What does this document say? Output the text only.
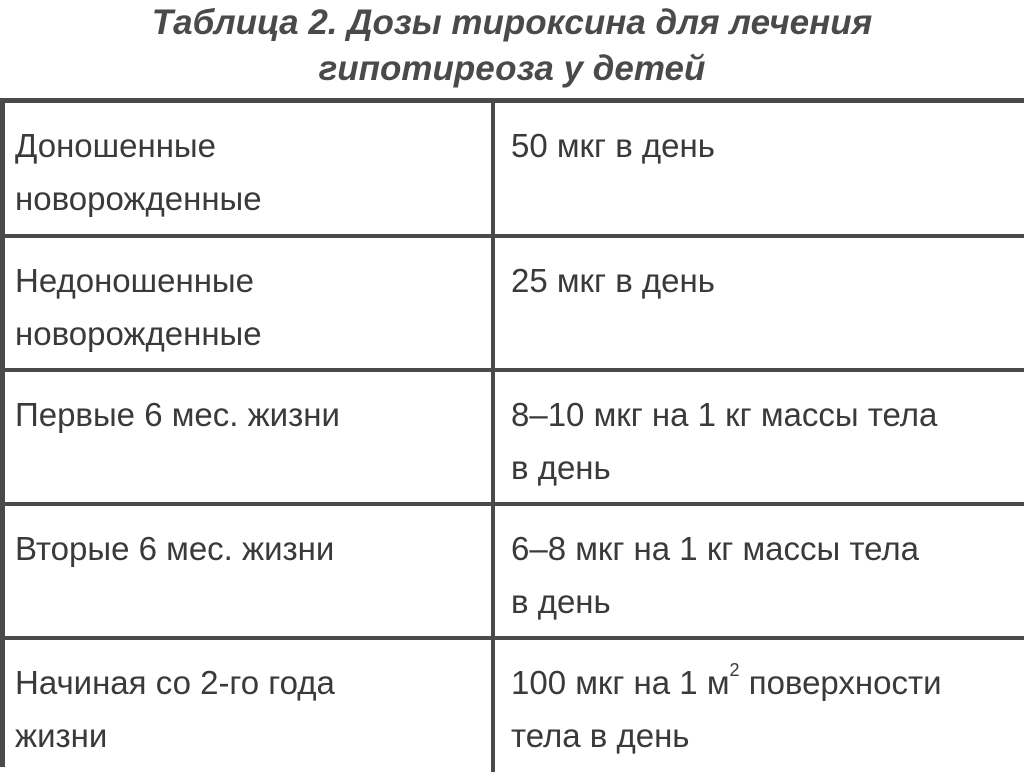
Таблица 2. Дозы тироксина для лечения
гипотиреоза у детей
Доношенные
новорожденные
50 мкг в день
Недоношенные
новорожденные
25 мкг в день
Первые 6 мес. жизни	8–10 мкг на 1 кг массы тела
в день
Вторые 6 мес. жизни	6–8 мкг на 1 кг массы тела
в день
Начиная со 2-го года
жизни
100 мкг на 1 $м^2$ поверхности
тела в день
